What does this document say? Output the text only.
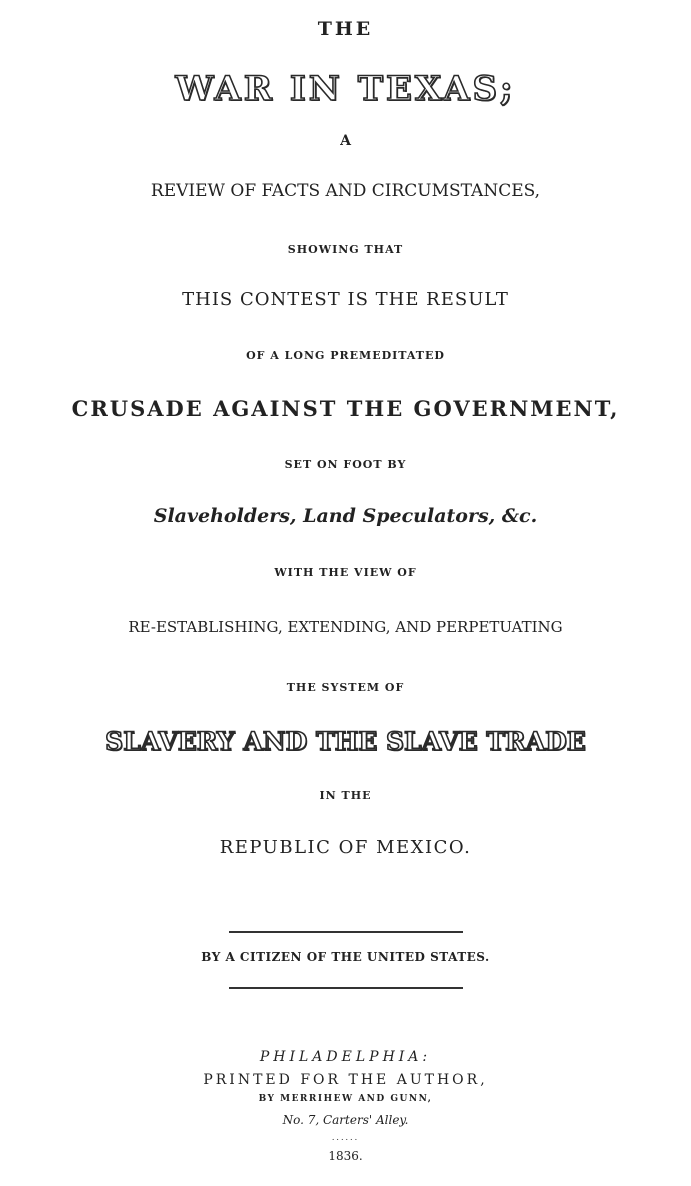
THE
WAR IN TEXAS;
A
REVIEW OF FACTS AND CIRCUMSTANCES,
SHOWING THAT
THIS CONTEST IS THE RESULT
OF A LONG PREMEDITATED
CRUSADE AGAINST THE GOVERNMENT,
SET ON FOOT BY
Slaveholders, Land Speculators, &c.
WITH THE VIEW OF
RE-ESTABLISHING, EXTENDING, AND PERPETUATING
THE SYSTEM OF
SLAVERY AND THE SLAVE TRADE
IN THE
REPUBLIC OF MEXICO.
BY A CITIZEN OF THE UNITED STATES.
PHILADELPHIA:
PRINTED FOR THE AUTHOR,
BY MERRIHEW AND GUNN,
No. 7, Carters' Alley.
......
1836.
